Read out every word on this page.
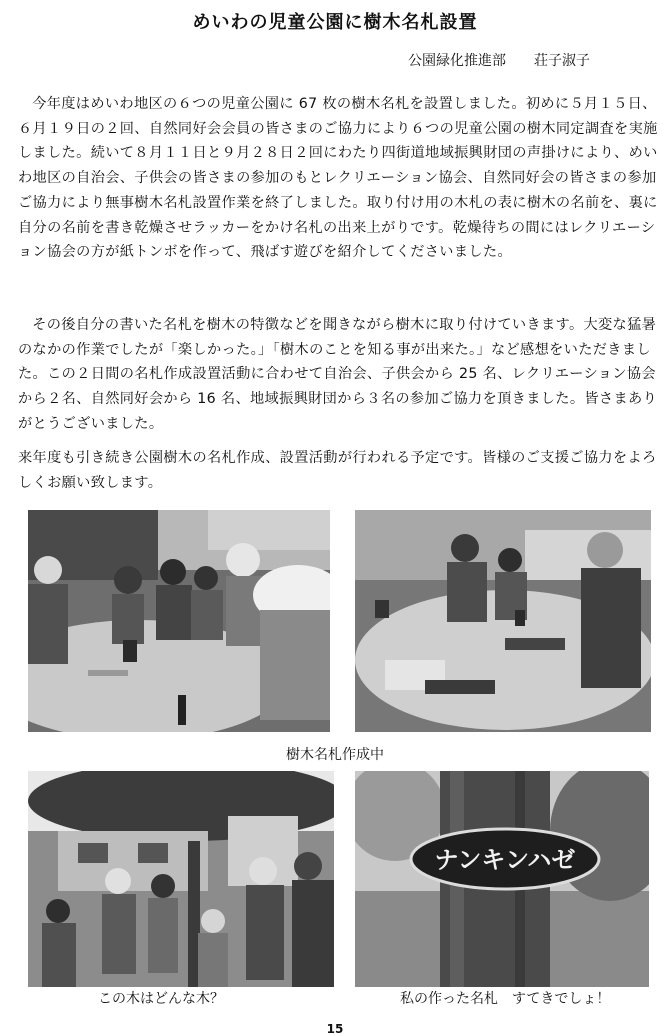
めいわの児童公園に樹木名札設置
公園緑化推進部　　荘子淑子

今年度はめいわ地区の６つの児童公園に 67 枚の樹木名札を設置しました。初めに５月１５日、６月１９日の２回、自然同好会会員の皆さまのご協力により６つの児童公園の樹木同定調査を実施しました。続いて８月１１日と９月２８日２回にわたり四街道地域振興財団の声掛けにより、めいわ地区の自治会、子供会の皆さまの参加のもとレクリエーション協会、自然同好会の皆さまの参加ご協力により無事樹木名札設置作業を終了しました。取り付け用の木札の表に樹木の名前を、裏に自分の名前を書き乾燥させラッカーをかけ名札の出来上がりです。乾燥待ちの間にはレクリエーション協会の方が紙トンボを作って、飛ばす遊びを紹介してくださいました。

その後自分の書いた名札を樹木の特徴などを聞きながら樹木に取り付けていきます。大変な猛暑のなかの作業でしたが「楽しかった。」「樹木のことを知る事が出来た。」など感想をいただきました。この２日間の名札作成設置活動に合わせて自治会、子供会から 25 名、レクリエーション協会から２名、自然同好会から 16 名、地域振興財団から３名の参加ご協力を頂きました。皆さまありがとうございました。

来年度も引き続き公園樹木の名札作成、設置活動が行われる予定です。皆様のご支援ご協力をよろしくお願い致します。

ナンキンハゼ
樹木名札作成中
この木はどんな木？	私の作った名札　すてきでしょ！
15
